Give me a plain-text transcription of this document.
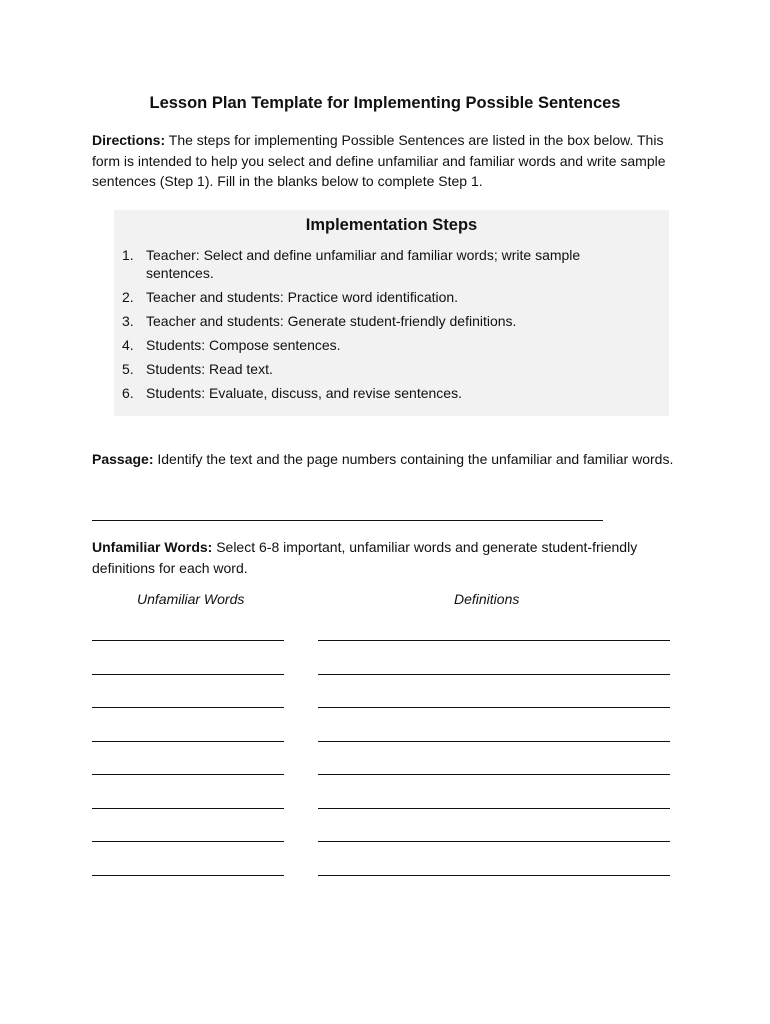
Lesson Plan Template for Implementing Possible Sentences
Directions: The steps for implementing Possible Sentences are listed in the box below. This form is intended to help you select and define unfamiliar and familiar words and write sample sentences (Step 1). Fill in the blanks below to complete Step 1.
Implementation Steps
1. Teacher: Select and define unfamiliar and familiar words; write sample sentences.
2. Teacher and students: Practice word identification.
3. Teacher and students: Generate student-friendly definitions.
4. Students: Compose sentences.
5. Students: Read text.
6. Students: Evaluate, discuss, and revise sentences.
Passage: Identify the text and the page numbers containing the unfamiliar and familiar words.
Unfamiliar Words: Select 6-8 important, unfamiliar words and generate student-friendly definitions for each word.
Unfamiliar Words	Definitions
